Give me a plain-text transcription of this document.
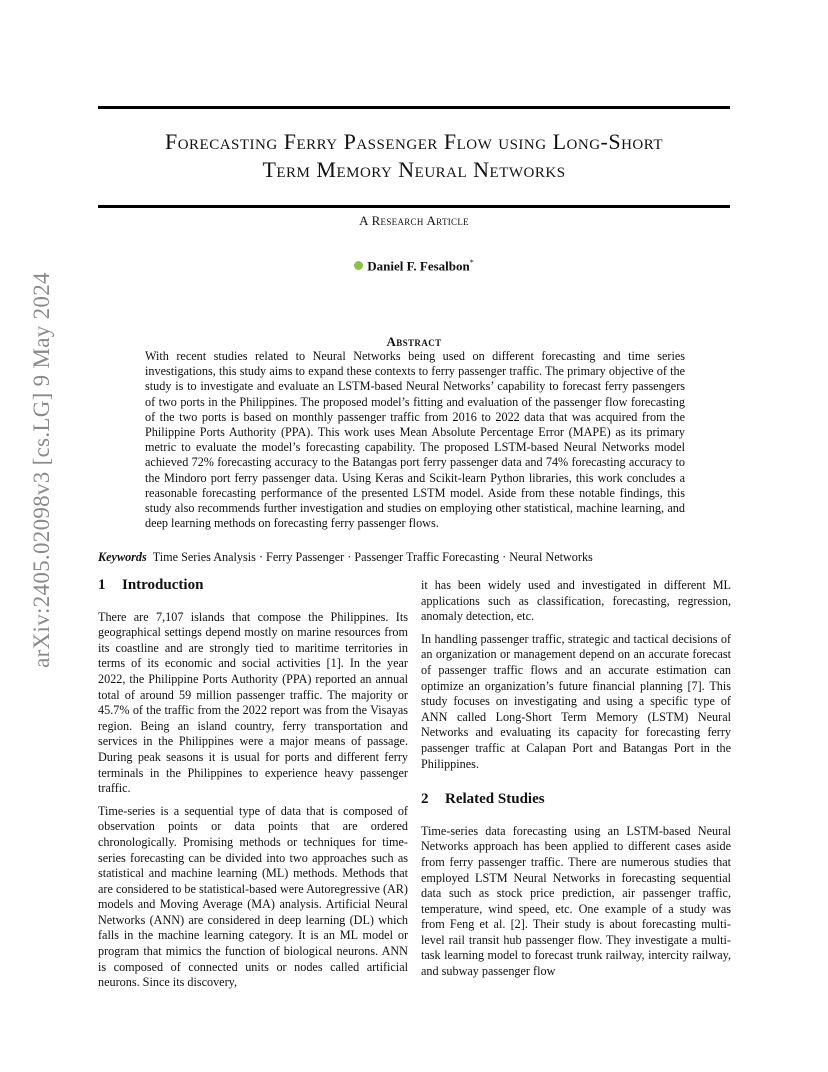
arXiv:2405.02098v3 [cs.LG] 9 May 2024
Forecasting Ferry Passenger Flow using Long-Short
Term Memory Neural Networks
A Research Article
Daniel F. Fesalbon*
Abstract

With recent studies related to Neural Networks being used on different forecasting and time series investigations, this study aims to expand these contexts to ferry passenger traffic. The primary objective of the study is to investigate and evaluate an LSTM-based Neural Networks’ capability to forecast ferry passengers of two ports in the Philippines. The proposed model’s fitting and evaluation of the passenger flow forecasting of the two ports is based on monthly passenger traffic from 2016 to 2022 data that was acquired from the Philippine Ports Authority (PPA). This work uses Mean Absolute Percentage Error (MAPE) as its primary metric to evaluate the model’s forecasting capability. The proposed LSTM-based Neural Networks model achieved 72% forecasting accuracy to the Batangas port ferry passenger data and 74% forecasting accuracy to the Mindoro port ferry passenger data. Using Keras and Scikit-learn Python libraries, this work concludes a reasonable forecasting performance of the presented LSTM model. Aside from these notable findings, this study also recommends further investigation and studies on employing other statistical, machine learning, and deep learning methods on forecasting ferry passenger flows.

Keywords Time Series Analysis · Ferry Passenger · Passenger Traffic Forecasting · Neural Networks
1 Introduction

There are 7,107 islands that compose the Philippines. Its geographical settings depend mostly on marine resources from its coastline and are strongly tied to maritime territories in terms of its economic and social activities [1]. In the year 2022, the Philippine Ports Authority (PPA) reported an annual total of around 59 million passenger traffic. The majority or 45.7% of the traffic from the 2022 report was from the Visayas region. Being an island country, ferry transportation and services in the Philippines were a major means of passage. During peak seasons it is usual for ports and different ferry terminals in the Philippines to experience heavy passenger traffic.

Time-series is a sequential type of data that is composed of observation points or data points that are ordered chronologically. Promising methods or techniques for time-series forecasting can be divided into two approaches such as statistical and machine learning (ML) methods. Methods that are considered to be statistical-based were Autoregressive (AR) models and Moving Average (MA) analysis. Artificial Neural Networks (ANN) are considered in deep learning (DL) which falls in the machine learning category. It is an ML model or program that mimics the function of biological neurons. ANN is composed of connected units or nodes called artificial neurons. Since its discovery,

it has been widely used and investigated in different ML applications such as classification, forecasting, regression, anomaly detection, etc.

In handling passenger traffic, strategic and tactical decisions of an organization or management depend on an accurate forecast of passenger traffic flows and an accurate estimation can optimize an organization’s future financial planning [7]. This study focuses on investigating and using a specific type of ANN called Long-Short Term Memory (LSTM) Neural Networks and evaluating its capacity for forecasting ferry passenger traffic at Calapan Port and Batangas Port in the Philippines.

2 Related Studies

Time-series data forecasting using an LSTM-based Neural Networks approach has been applied to different cases aside from ferry passenger traffic. There are numerous studies that employed LSTM Neural Networks in forecasting sequential data such as stock price prediction, air passenger traffic, temperature, wind speed, etc. One example of a study was from Feng et al. [2]. Their study is about forecasting multi-level rail transit hub passenger flow. They investigate a multi-task learning model to forecast trunk railway, intercity railway, and subway passenger flow
